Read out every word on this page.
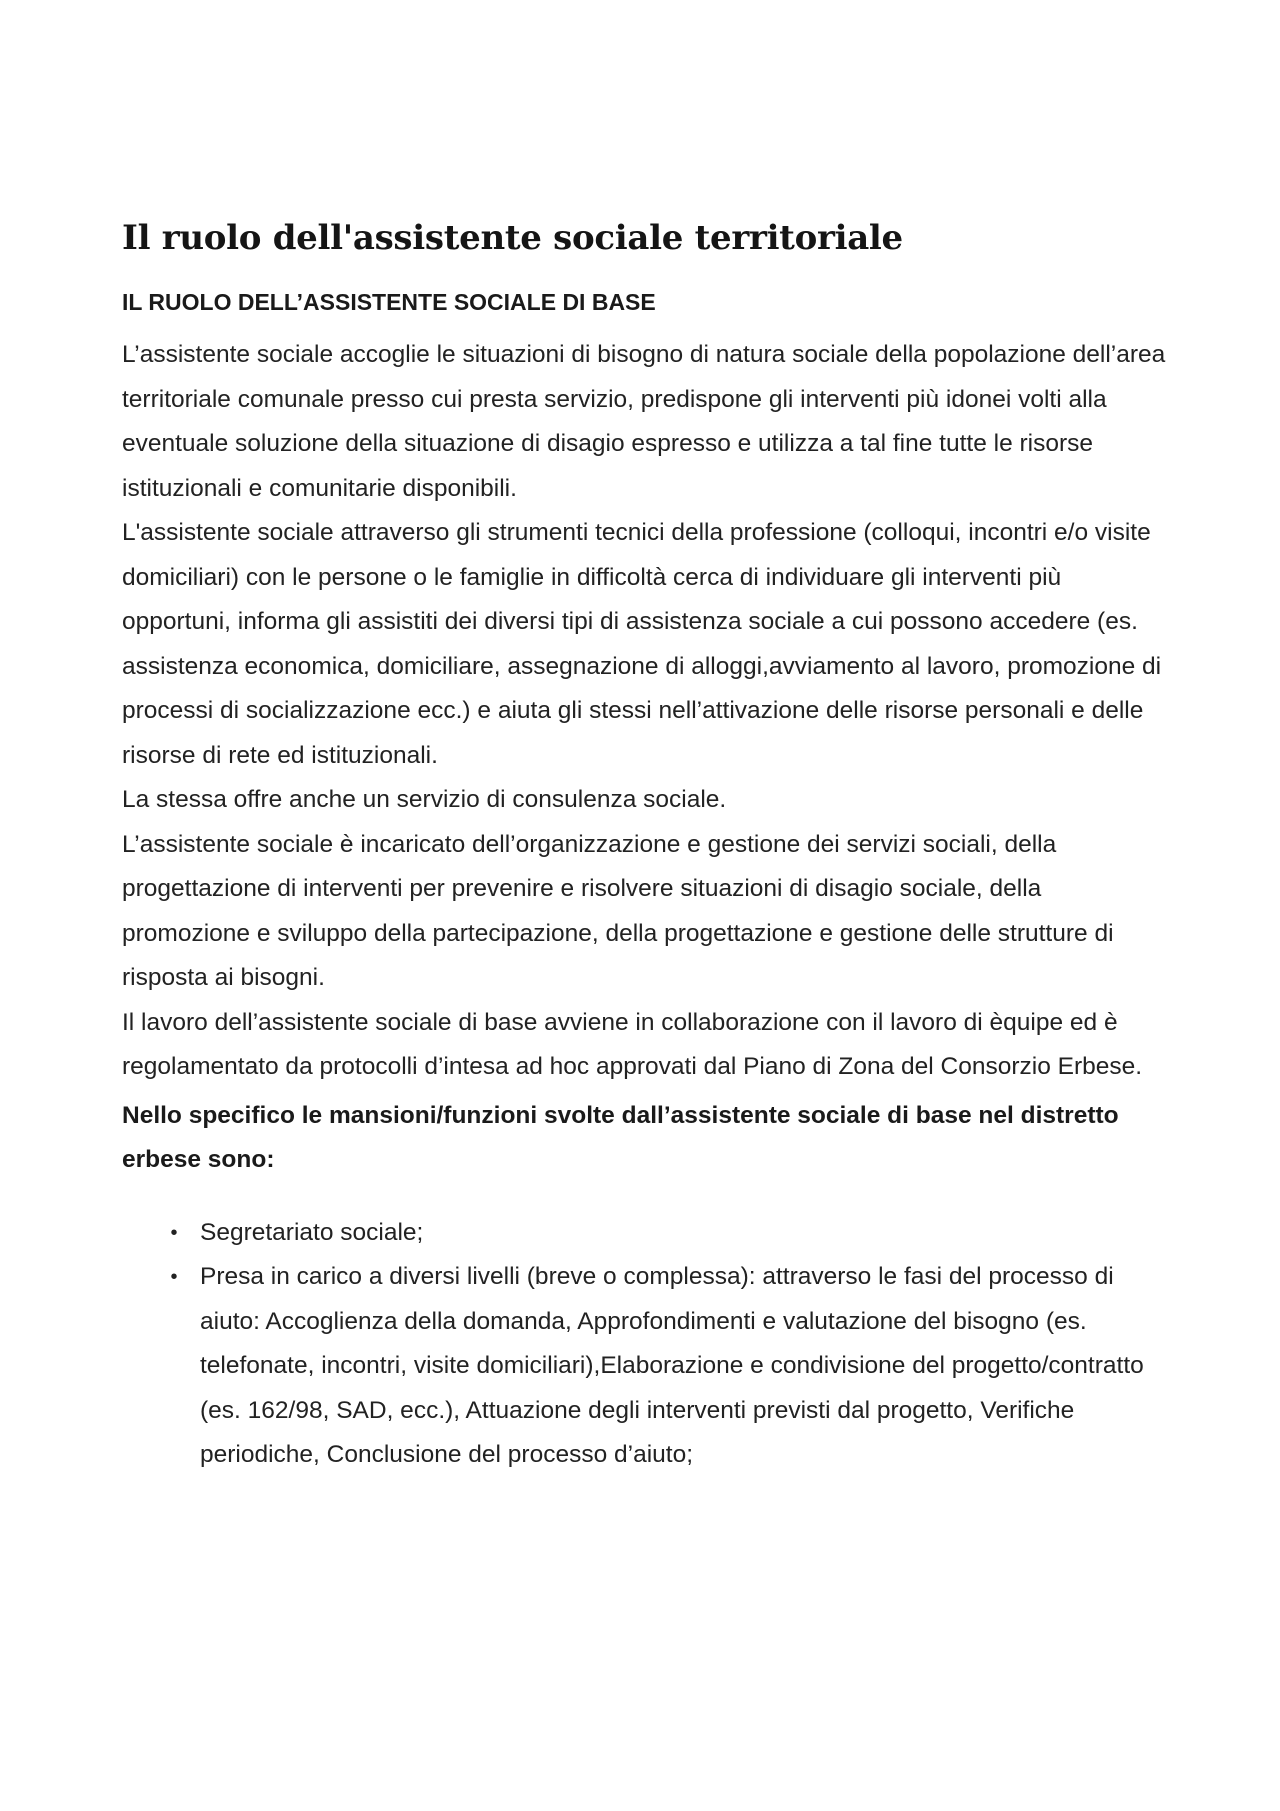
Il ruolo dell'assistente sociale territoriale
IL RUOLO DELL’ASSISTENTE SOCIALE DI BASE

L’assistente sociale accoglie le situazioni di bisogno di natura sociale della popolazione dell’area territoriale comunale presso cui presta servizio, predispone gli interventi più idonei volti alla eventuale soluzione della situazione di disagio espresso e utilizza a tal fine tutte le risorse istituzionali e comunitarie disponibili.

L'assistente sociale attraverso gli strumenti tecnici della professione (colloqui, incontri e/o visite domiciliari) con le persone o le famiglie in difficoltà cerca di individuare gli interventi più opportuni, informa gli assistiti dei diversi tipi di assistenza sociale a cui possono accedere (es. assistenza economica, domiciliare, assegnazione di alloggi,avviamento al lavoro, promozione di processi di socializzazione ecc.) e aiuta gli stessi nell’attivazione delle risorse personali e delle risorse di rete ed istituzionali.

La stessa offre anche un servizio di consulenza sociale.

L’assistente sociale è incaricato dell’organizzazione e gestione dei servizi sociali, della progettazione di interventi per prevenire e risolvere situazioni di disagio sociale, della promozione e sviluppo della partecipazione, della progettazione e gestione delle strutture di risposta ai bisogni.

Il lavoro dell’assistente sociale di base avviene in collaborazione con il lavoro di èquipe ed è regolamentato da protocolli d’intesa ad hoc approvati dal Piano di Zona del Consorzio Erbese.

Nello specifico le mansioni/funzioni svolte dall’assistente sociale di base nel distretto erbese sono:

• Segretariato sociale;
• Presa in carico a diversi livelli (breve o complessa): attraverso le fasi del processo di aiuto: Accoglienza della domanda, Approfondimenti e valutazione del bisogno (es. telefonate, incontri, visite domiciliari),Elaborazione e condivisione del progetto/contratto (es. 162/98, SAD, ecc.), Attuazione degli interventi previsti dal progetto, Verifiche periodiche, Conclusione del processo d’aiuto;
